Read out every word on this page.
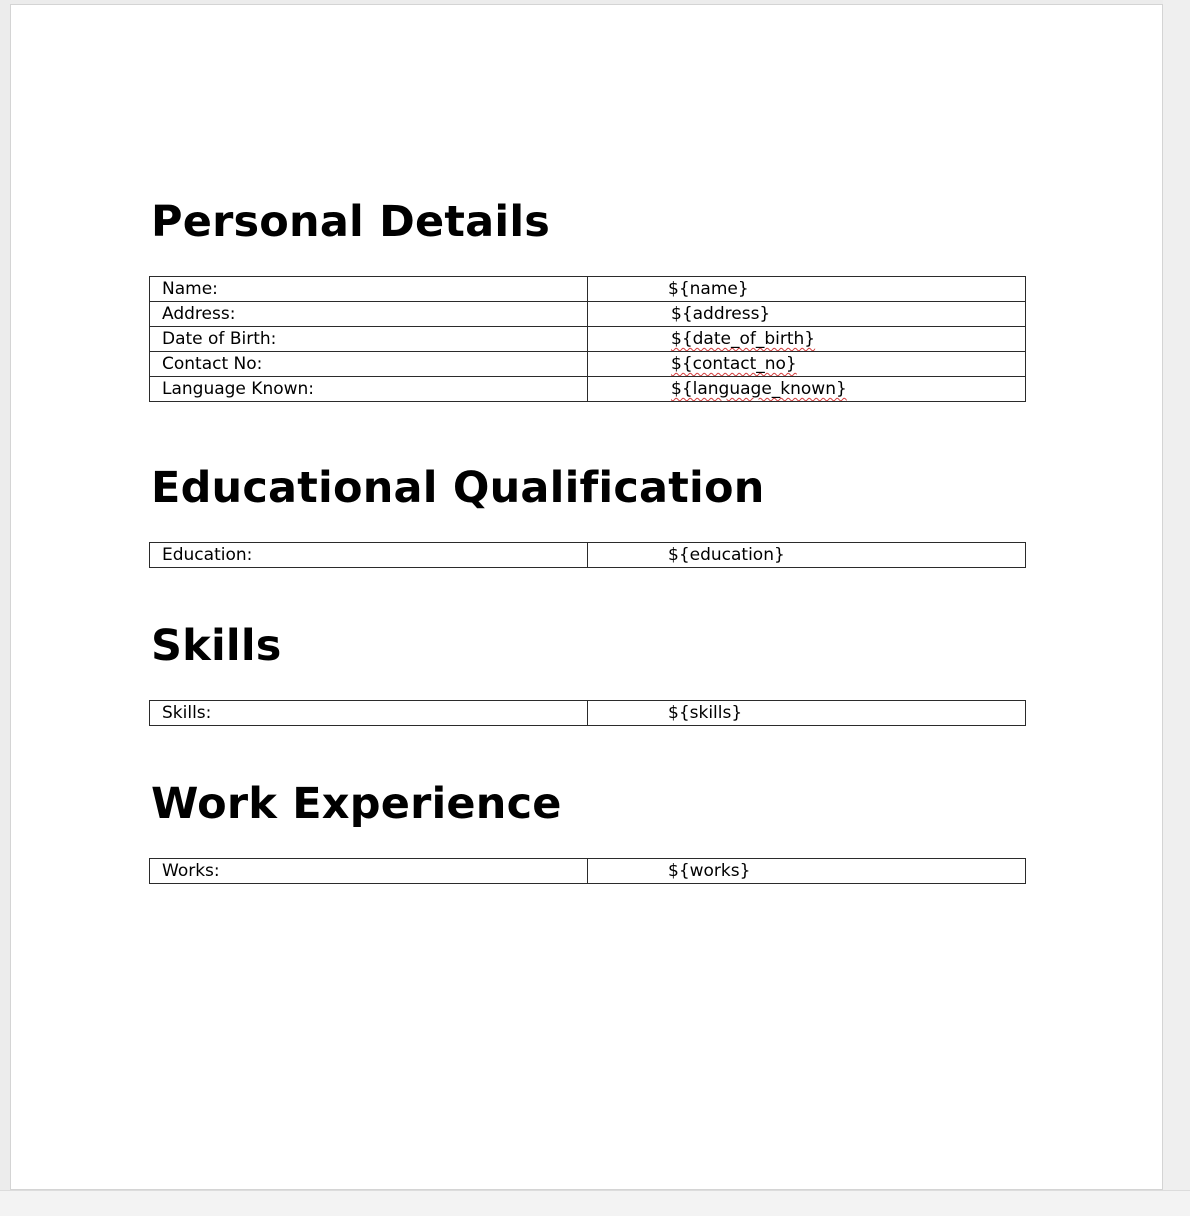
Personal Details
Name:	${name}
Address:	${address}
Date of Birth:	${date_of_birth}
Contact No:	${contact_no}
Language Known:	${language_known}
Educational Qualification
Education:	${education}
Skills
Skills:	${skills}
Work Experience
Works:	${works}
